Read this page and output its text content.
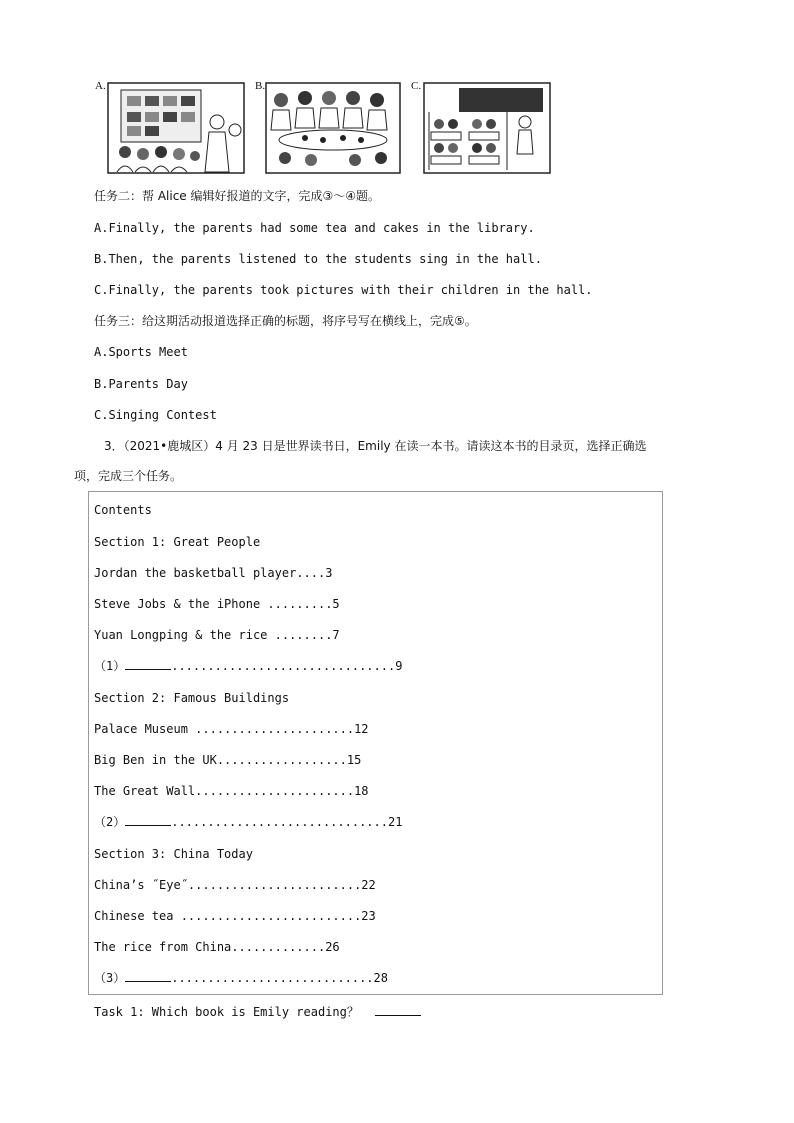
A.	B.	C.
任务二：帮 Alice 编辑好报道的文字，完成③～④题。
A.Finally, the parents had some tea and cakes in the library.
B.Then, the parents listened to the students sing in the hall.
C.Finally, the parents took pictures with their children in the hall.
任务三：给这期活动报道选择正确的标题，将序号写在横线上，完成⑤。
A.Sports Meet
B.Parents Day
C.Singing Contest
3．（2021•鹿城区）4 月 23 日是世界读书日，Emily 在读一本书。请读这本书的目录页，选择正确选
项，完成三个任务。
Contents
Section 1: Great People
Jordan the basketball player....3
Steve Jobs & the iPhone .........5
Yuan Longping & the rice ........7
（1）	...............................9
Section 2: Famous Buildings
Palace Museum ......................12
Big Ben in the UK..................15
The Great Wall......................18
（2）	..............................21
Section 3: China Today
China’s ˝Eye˝........................22
Chinese tea .........................23
The rice from China.............26
（3）	............................28
Task 1: Which book is Emily reading？
